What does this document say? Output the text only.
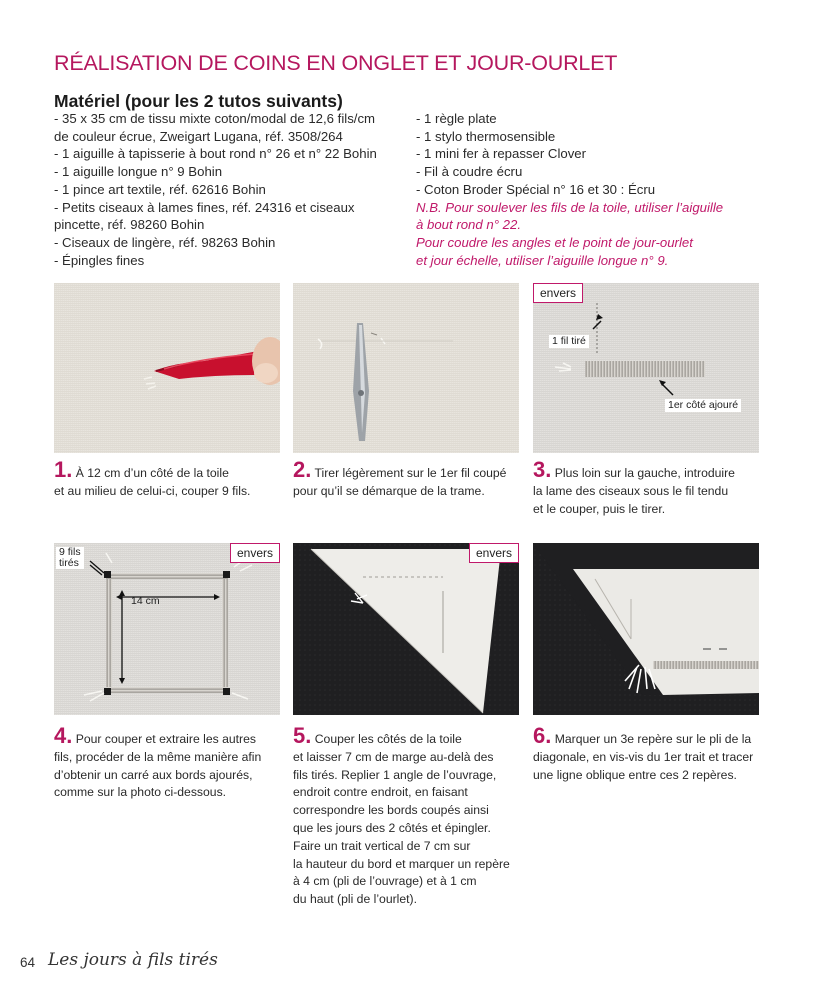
RÉALISATION DE COINS EN ONGLET ET JOUR-OURLET
Matériel (pour les 2 tutos suivants)
- 35 x 35 cm de tissu mixte coton/modal de 12,6 fils/cm
de couleur écrue, Zweigart Lugana, réf. 3508/264
- 1 aiguille à tapisserie à bout rond n° 26 et n° 22 Bohin
- 1 aiguille longue n° 9 Bohin
- 1 pince art textile, réf. 62616 Bohin
- Petits ciseaux à lames fines, réf. 24316 et ciseaux
pincette, réf. 98260 Bohin
- Ciseaux de lingère, réf. 98263 Bohin
- Épingles fines
- 1 règle plate
- 1 stylo thermosensible
- 1 mini fer à repasser Clover
- Fil à coudre écru
- Coton Broder Spécial n° 16 et 30 : Écru
N.B. Pour soulever les fils de la toile, utiliser l’aiguille
à bout rond n° 22.
Pour coudre les angles et le point de jour-ourlet
et jour échelle, utiliser l’aiguille longue n° 9.
1 fil tiré
1er côté ajouré
envers
1. À 12 cm d’un côté de la toile
et au milieu de celui-ci, couper 9 fils.
2. Tirer légèrement sur le 1er fil coupé
pour qu’il se démarque de la trame.
3. Plus loin sur la gauche, introduire
la lame des ciseaux sous le fil tendu
et le couper, puis le tirer.
9 fils
tirés
14 cm
envers	envers
4. Pour couper et extraire les autres
fils, procéder de la même manière afin
d’obtenir un carré aux bords ajourés,
comme sur la photo ci-dessous.
5. Couper les côtés de la toile
et laisser 7 cm de marge au-delà des
fils tirés. Replier 1 angle de l’ouvrage,
endroit contre endroit, en faisant
correspondre les bords coupés ainsi
que les jours des 2 côtés et épingler.
Faire un trait vertical de 7 cm sur
la hauteur du bord et marquer un repère
à 4 cm (pli de l’ouvrage) et à 1 cm
du haut (pli de l’ourlet).
6. Marquer un 3e repère sur le pli de la
diagonale, en vis-vis du 1er trait et tracer
une ligne oblique entre ces 2 repères.
64 Les jours à fils tirés
